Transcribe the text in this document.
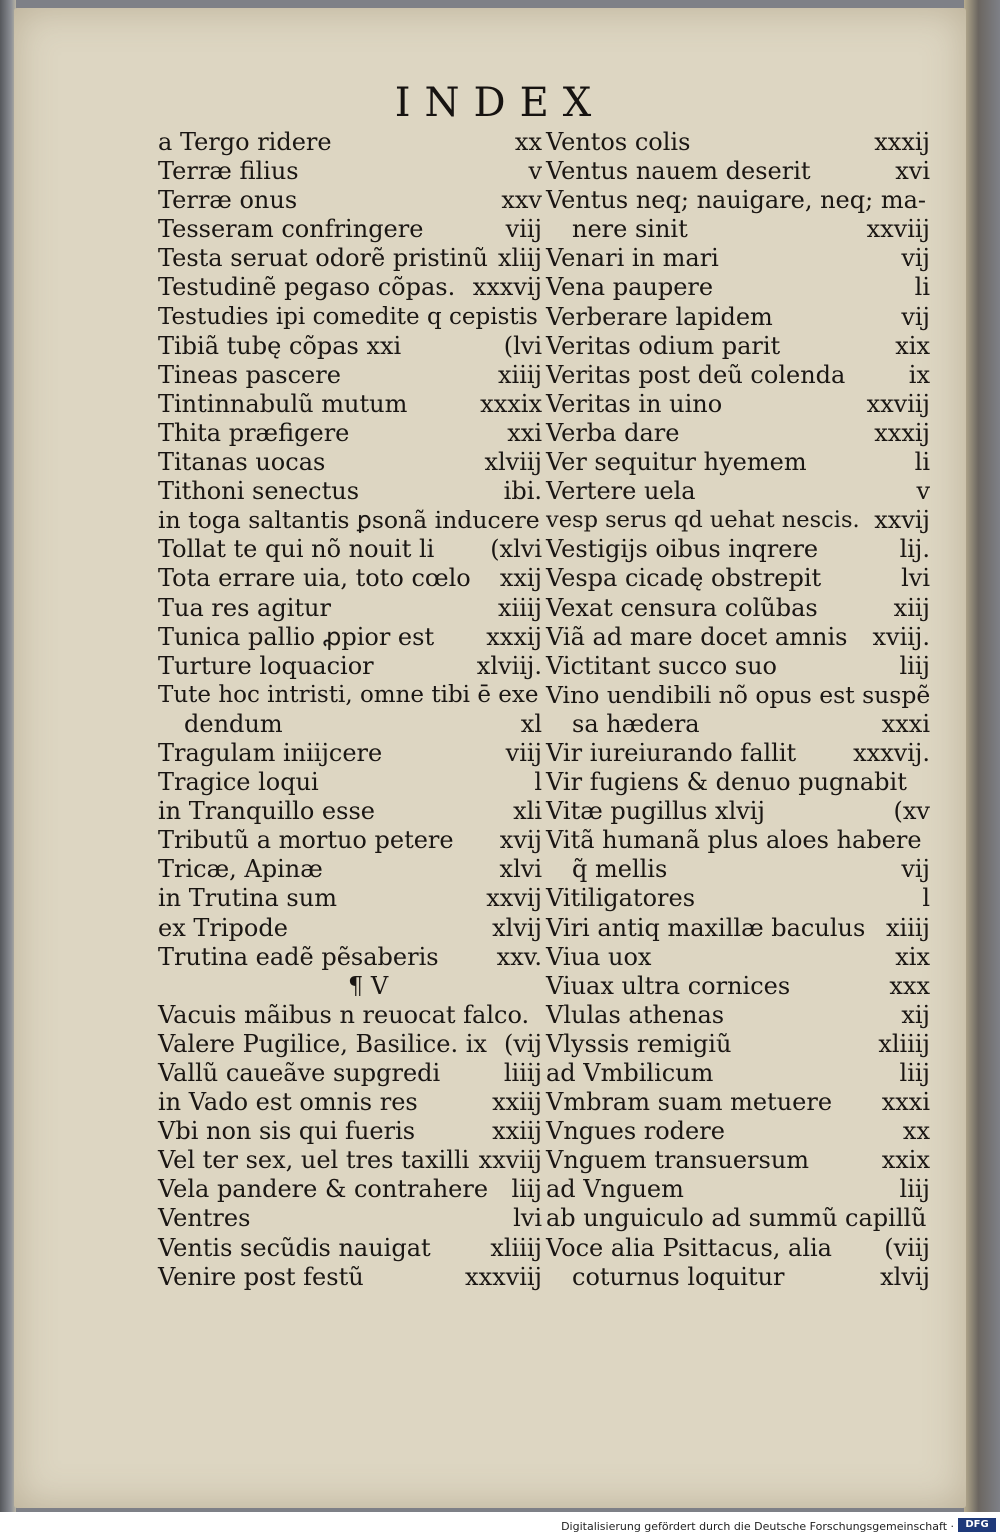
INDEX
a Tergo ridere	xx
Terræ filius	v
Terræ onus	xxv
Tesseram confringere	viij
Testa seruat odorẽ pristinũ xliij
Testudinẽ pegaso cõpas. xxxvij
Testudies ipi comedite q cepistis
Tibiã tubę cõpas xxi	(lvi
Tineas pascere	xiiij
Tintinnabulũ mutum	xxxix
Thita præfigere	xxi
Titanas uocas	xlviij
Tithoni senectus	ibi.
in toga saltantis ꝑsonã inducere
Tollat te qui nõ nouit li (xlvi
Tota errare uia, toto cœlo xxij
Tua res agitur	xiiij
Tunica pallio ꝓpior est xxxij
Turture loquacior	xlviij.
Tute hoc intristi, omne tibi ē exe
dendum	xl
Tragulam iniijcere	viij
Tragice loqui	l
in Tranquillo esse	xli
Tributũ a mortuo petere xvij
Tricæ, Apinæ	xlvi
in Trutina sum	xxvij
ex Tripode	xlvij
Trutina eadẽ pẽsaberis xxv.
¶ V
Vacuis mãibus n reuocat falco.
Valere Pugilice, Basilice. ix (vij
Vallũ caueãve supgredi	liiij
in Vado est omnis res	xxiij
Vbi non sis qui fueris	xxiij
Vel ter sex, uel tres taxilli xxviij
Vela pandere & contrahere liij
Ventres	lvi
Ventis secũdis nauigat xliiij
Venire post festũ	xxxviij
Ventos colis	xxxij
Ventus nauem deserit	xvi
Ventus neq; nauigare, neq; ma-
nere sinit	xxviij
Venari in mari	vij
Vena paupere	li
Verberare lapidem	vij
Veritas odium parit	xix
Veritas post deũ colenda	ix
Veritas in uino	xxviij
Verba dare	xxxij
Ver sequitur hyemem	li
Vertere uela	v
vesp serus qd uehat nescis. xxvij
Vestigijs oibus inqrere	lij.
Vespa cicadę obstrepit	lvi
Vexat censura colũbas	xiij
Viã ad mare docet amnis xviij.
Victitant succo suo	liij
Vino uendibili nõ opus est suspẽ
sa hædera	xxxi
Vir iureiurando fallit xxxvij.
Vir fugiens & denuo pugnabit
Vitæ pugillus xlvij	(xv
Vitã humanã plus aloes habere
q̃ mellis	vij
Vitiligatores	l
Viri antiq maxillæ baculus xiiij
Viua uox	xix
Viuax ultra cornices	xxx
Vlulas athenas	xij
Vlyssis remigiũ	xliiij
ad Vmbilicum	liij
Vmbram suam metuere xxxi
Vngues rodere	xx
Vnguem transuersum	xxix
ad Vnguem	liij
ab unguiculo ad summũ capillũ
Voce alia Psittacus, alia (viij
coturnus loquitur	xlvij
Digitalisierung gefördert durch die Deutsche Forschungsgemeinschaft ·	DFG
